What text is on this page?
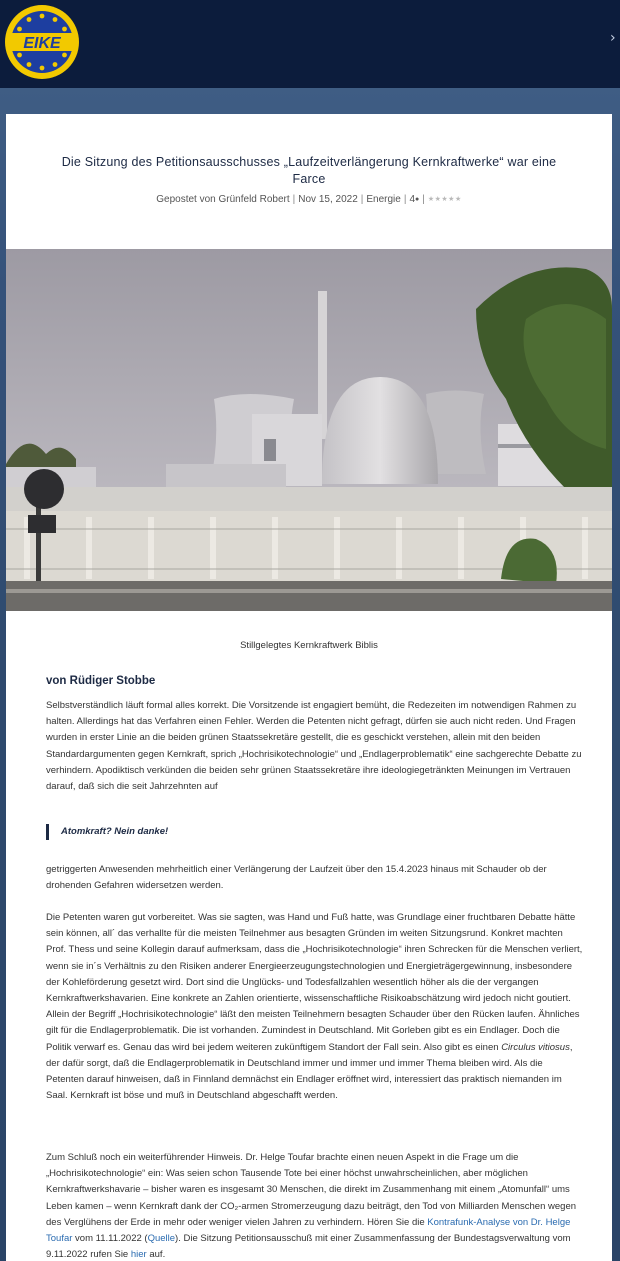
EIKE	›
Die Sitzung des Petitionsausschusses „Laufzeitverlängerung Kernkraftwerke“ war eine Farce
Gepostet von Grünfeld Robert | Nov 15, 2022 | Energie | 4● | ★★★★★
Stillgelegtes Kernkraftwerk Biblis
von Rüdiger Stobbe

Selbstverständlich läuft formal alles korrekt. Die Vorsitzende ist engagiert bemüht, die Redezeiten im notwendigen Rahmen zu halten. Allerdings hat das Verfahren einen Fehler. Werden die Petenten nicht gefragt, dürfen sie auch nicht reden. Und Fragen wurden in erster Linie an die beiden grünen Staatssekretäre gestellt, die es geschickt verstehen, allein mit den beiden Standardargumenten gegen Kernkraft, sprich „Hochrisikotechnologie“ und „Endlagerproblematik“ eine sachgerechte Debatte zu verhindern. Apodiktisch verkünden die beiden sehr grünen Staatssekretäre ihre ideologiegetränkten Meinungen im Vertrauen darauf, daß sich die seit Jahrzehnten auf

Atomkraft? Nein danke!

getriggerten Anwesenden mehrheitlich einer Verlängerung der Laufzeit über den 15.4.2023 hinaus mit Schauder ob der drohenden Gefahren widersetzen werden.

Die Petenten waren gut vorbereitet. Was sie sagten, was Hand und Fuß hatte, was Grundlage einer fruchtbaren Debatte hätte sein können, all´ das verhallte für die meisten Teilnehmer aus besagten Gründen im weiten Sitzungsrund. Konkret machten Prof. Thess und seine Kollegin darauf aufmerksam, dass die „Hochrisikotechnologie“ ihren Schrecken für die Menschen verliert, wenn sie in´s Verhältnis zu den Risiken anderer Energieerzeugungstechnologien und Energieträgergewinnung, insbesondere der Kohleförderung gesetzt wird. Dort sind die Unglücks- und Todesfallzahlen wesentlich höher als die der vergangen Kernkraftwerkshavarien. Eine konkrete an Zahlen orientierte, wissenschaftliche Risikoabschätzung wird jedoch nicht goutiert. Allein der Begriff „Hochrisikotechnologie“ läßt den meisten Teilnehmern besagten Schauder über den Rücken laufen. Ähnliches gilt für die Endlagerproblematik. Die ist vorhanden. Zumindest in Deutschland. Mit Gorleben gibt es ein Endlager. Doch die Politik verwarf es. Genau das wird bei jedem weiteren zukünftigem Standort der Fall sein. Also gibt es einen Circulus vitiosus, der dafür sorgt, daß die Endlagerproblematik in Deutschland immer und immer und immer Thema bleiben wird. Als die Petenten darauf hinweisen, daß in Finnland demnächst ein Endlager eröffnet wird, interessiert das praktisch niemanden im Saal. Kernkraft ist böse und muß in Deutschland abgeschafft werden.

Zum Schluß noch ein weiterführender Hinweis. Dr. Helge Toufar brachte einen neuen Aspekt in die Frage um die „Hochrisikotechnologie“ ein: Was seien schon Tausende Tote bei einer höchst unwahrscheinlichen, aber möglichen Kernkraftwerkshavarie – bisher waren es insgesamt 30 Menschen, die direkt im Zusammenhang mit einem „Atomunfall“ ums Leben kamen – wenn Kernkraft dank der CO₂-armen Stromerzeugung dazu beiträgt, den Tod von Milliarden Menschen wegen des Verglühens der Erde in mehr oder weniger vielen Jahren zu verhindern. Hören Sie die Kontrafunk-Analyse von Dr. Helge Toufar vom 11.11.2022 (Quelle). Die Sitzung Petitionsausschuß mit einer Zusammenfassung der Bundestagsverwaltung vom 9.11.2022 rufen Sie hier auf.
